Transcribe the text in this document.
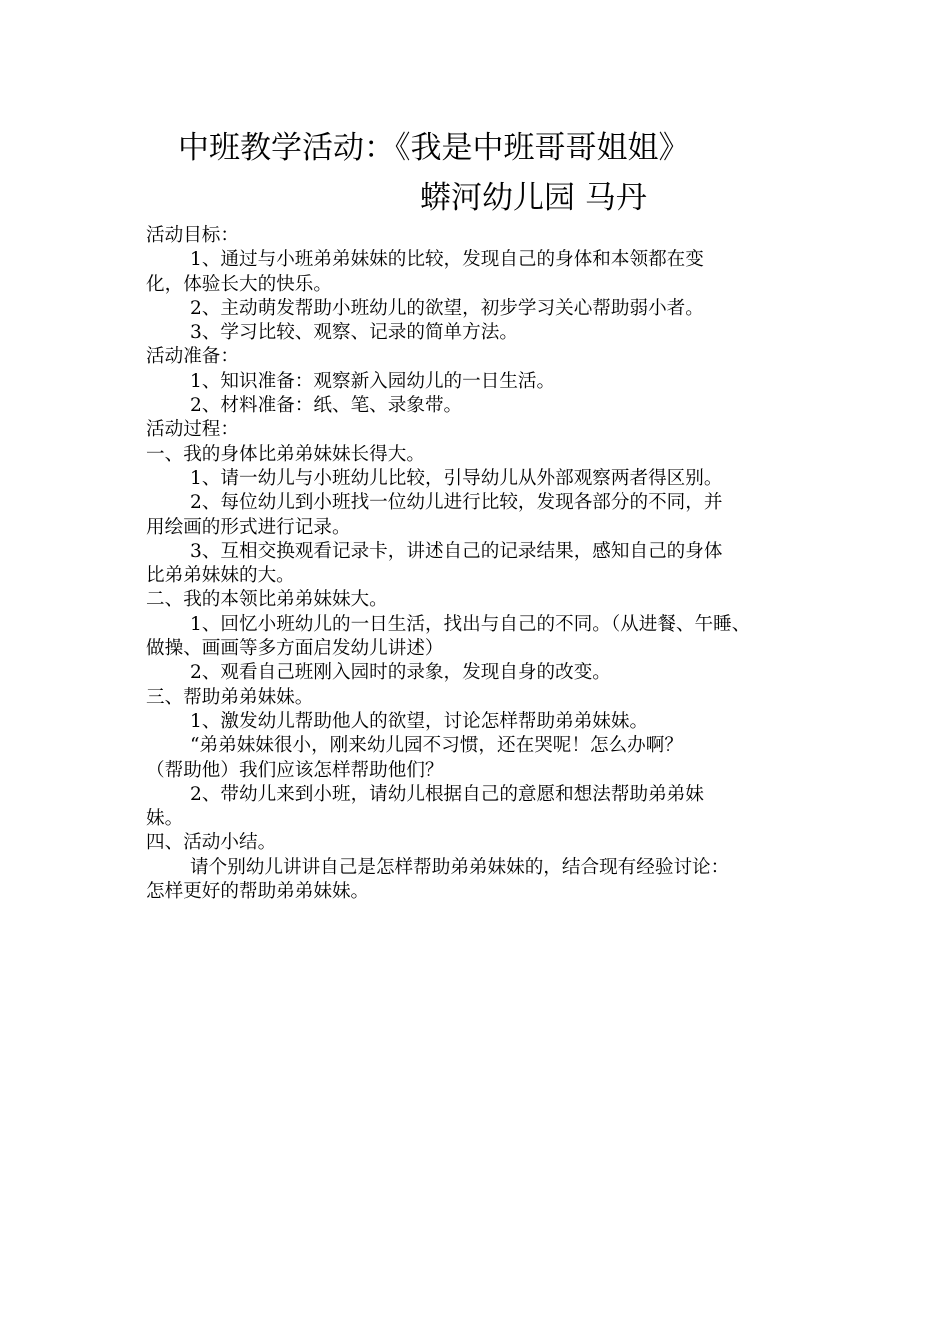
中班教学活动：《我是中班哥哥姐姐》
蟒河幼儿园 马丹

活动目标：

1、通过与小班弟弟妹妹的比较，发现自己的身体和本领都在变

化，体验长大的快乐。

2、主动萌发帮助小班幼儿的欲望，初步学习关心帮助弱小者。

3、学习比较、观察、记录的简单方法。

活动准备：

1、知识准备：观察新入园幼儿的一日生活。

2、材料准备：纸、笔、录象带。

活动过程：

一、我的身体比弟弟妹妹长得大。

1、请一幼儿与小班幼儿比较，引导幼儿从外部观察两者得区别。

2、每位幼儿到小班找一位幼儿进行比较，发现各部分的不同，并

用绘画的形式进行记录。

3、互相交换观看记录卡，讲述自己的记录结果，感知自己的身体

比弟弟妹妹的大。

二、我的本领比弟弟妹妹大。

1、回忆小班幼儿的一日生活，找出与自己的不同。（从进餐、午睡、

做操、画画等多方面启发幼儿讲述）

2、观看自己班刚入园时的录象，发现自身的改变。

三、帮助弟弟妹妹。

1、激发幼儿帮助他人的欲望，讨论怎样帮助弟弟妹妹。

“弟弟妹妹很小，刚来幼儿园不习惯，还在哭呢！怎么办啊？

（帮助他）我们应该怎样帮助他们？

2、带幼儿来到小班，请幼儿根据自己的意愿和想法帮助弟弟妹

妹。

四、活动小结。

请个别幼儿讲讲自己是怎样帮助弟弟妹妹的，结合现有经验讨论：

怎样更好的帮助弟弟妹妹。
